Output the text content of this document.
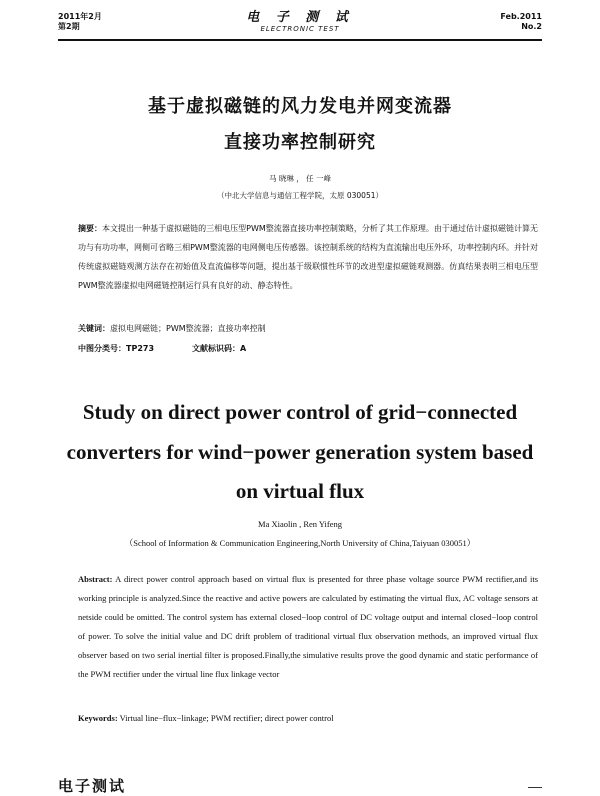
2011年2月
第2期
电 子 测 试
ELECTRONIC TEST
Feb.2011
No.2
基于虚拟磁链的风力发电并网变流器
直接功率控制研究
马 晓琳 ， 任 一峰
（中北大学信息与通信工程学院，太原 030051）
摘要：本文提出一种基于虚拟磁链的三相电压型PWM整流器直接功率控制策略，分析了其工作原理。由于通过估计虚拟磁链计算无功与有功功率，网侧可省略三相PWM整流器的电网侧电压传感器。该控制系统的结构为直流输出电压外环，功率控制内环。并针对传统虚拟磁链观测方法存在初始值及直流偏移等问题，提出基于级联惯性环节的改进型虚拟磁链观测器。仿真结果表明三相电压型PWM整流器虚拟电网磁链控制运行具有良好的动、静态特性。
关键词：虚拟电网磁链；PWM整流器；直接功率控制
中图分类号：TP273	文献标识码：A
Study on direct power control of grid−connected
converters for wind−power generation system based
on virtual flux
Ma Xiaolin , Ren Yifeng
（School of Information & Communication Engineering,North University of China,Taiyuan 030051）
Abstract: A direct power control approach based on virtual flux is presented for three phase voltage source PWM rectifier,and its working principle is analyzed.Since the reactive and active powers are calculated by estimating the virtual flux, AC voltage sensors at netside could be omitted. The control system has external closed−loop control of DC voltage output and internal closed−loop control of power. To solve the initial value and DC drift problem of traditional virtual flux observation methods, an improved virtual flux observer based on two serial inertial filter is proposed.Finally,the simulative results prove the good dynamic and static performance of the PWM rectifier under the virtual line flux linkage vector
Keywords: Virtual line−flux−linkage; PWM rectifier; direct power control
电子测试
